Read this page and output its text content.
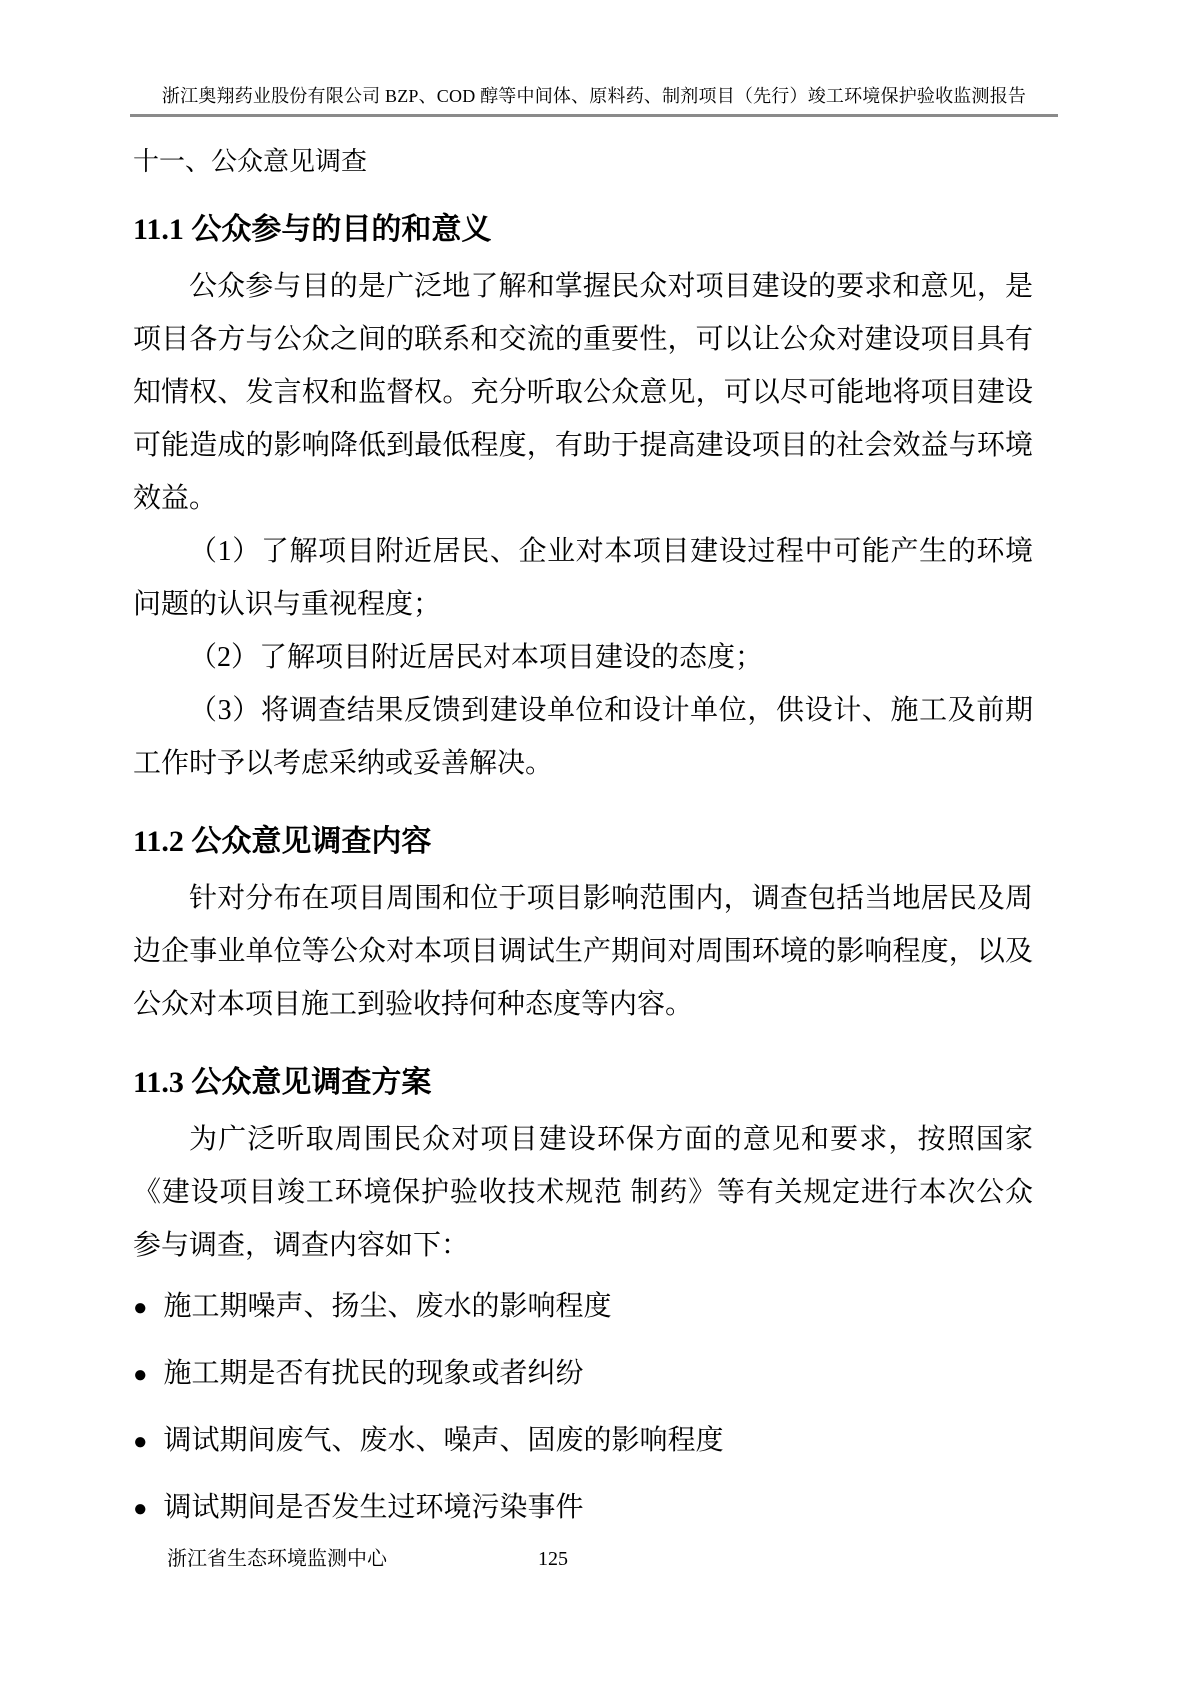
浙江奥翔药业股份有限公司 BZP、COD 醇等中间体、原料药、制剂项目（先行）竣工环境保护验收监测报告
十一、公众意见调查
11.1 公众参与的目的和意义

公众参与目的是广泛地了解和掌握民众对项目建设的要求和意见，是项目各方与公众之间的联系和交流的重要性，可以让公众对建设项目具有知情权、发言权和监督权。充分听取公众意见，可以尽可能地将项目建设可能造成的影响降低到最低程度，有助于提高建设项目的社会效益与环境效益。

（1）了解项目附近居民、企业对本项目建设过程中可能产生的环境问题的认识与重视程度；

（2）了解项目附近居民对本项目建设的态度；

（3）将调查结果反馈到建设单位和设计单位，供设计、施工及前期工作时予以考虑采纳或妥善解决。

11.2 公众意见调查内容

针对分布在项目周围和位于项目影响范围内，调查包括当地居民及周边企事业单位等公众对本项目调试生产期间对周围环境的影响程度，以及公众对本项目施工到验收持何种态度等内容。

11.3 公众意见调查方案

为广泛听取周围民众对项目建设环保方面的意见和要求，按照国家《建设项目竣工环境保护验收技术规范 制药》等有关规定进行本次公众参与调查，调查内容如下：

● 施工期噪声、扬尘、废水的影响程度
● 施工期是否有扰民的现象或者纠纷
● 调试期间废气、废水、噪声、固废的影响程度
● 调试期间是否发生过环境污染事件
浙江省生态环境监测中心	125
